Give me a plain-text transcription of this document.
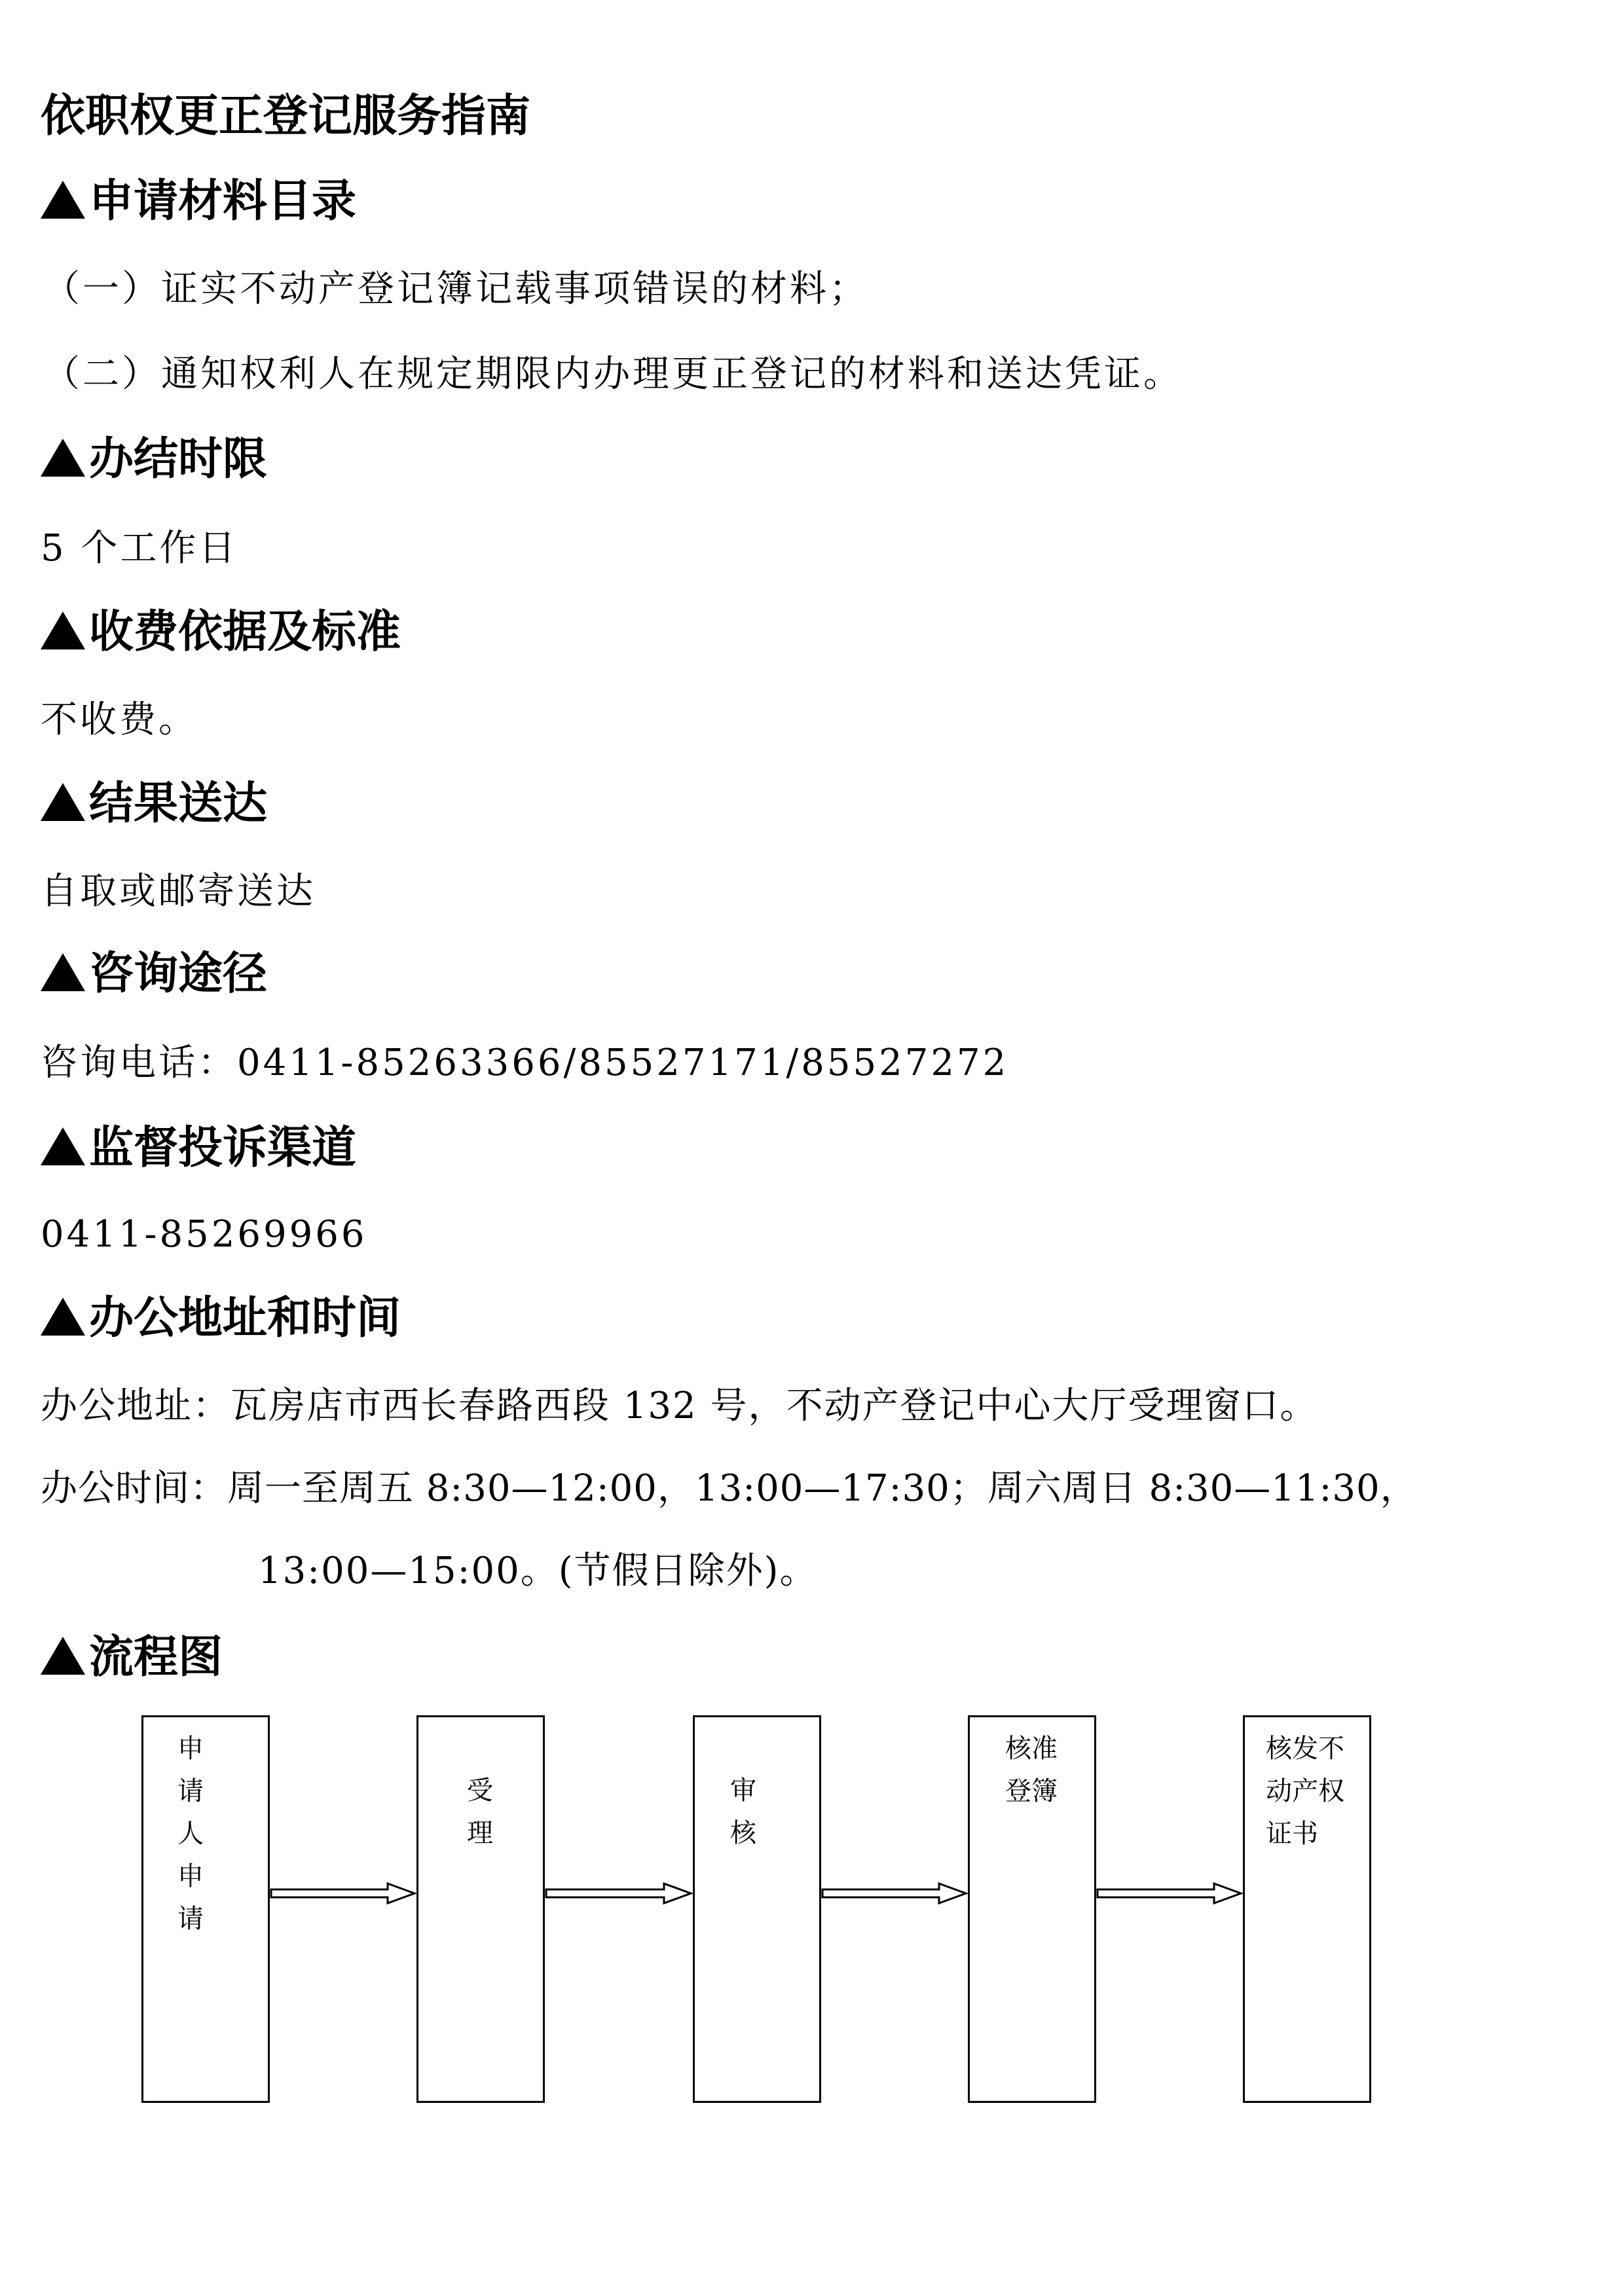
依职权更正登记服务指南
申请材料目录
（一）证实不动产登记簿记载事项错误的材料；
（二）通知权利人在规定期限内办理更正登记的材料和送达凭证。
办结时限
5 个工作日
收费依据及标准
不收费。
结果送达
自取或邮寄送达
咨询途径
咨询电话：0411-85263366/85527171/85527272
监督投诉渠道
0411-85269966
办公地址和时间
办公地址：瓦房店市西长春路西段 132 号，不动产登记中心大厅受理窗口。
办公时间：周一至周五 8:30—12:00，13:00—17:30；周六周日 8:30—11:30，
13:00—15:00。(节假日除外)。
流程图
申
请
人
申
请
受
理
审
核
核准
登簿
核发不
动产权
证书
